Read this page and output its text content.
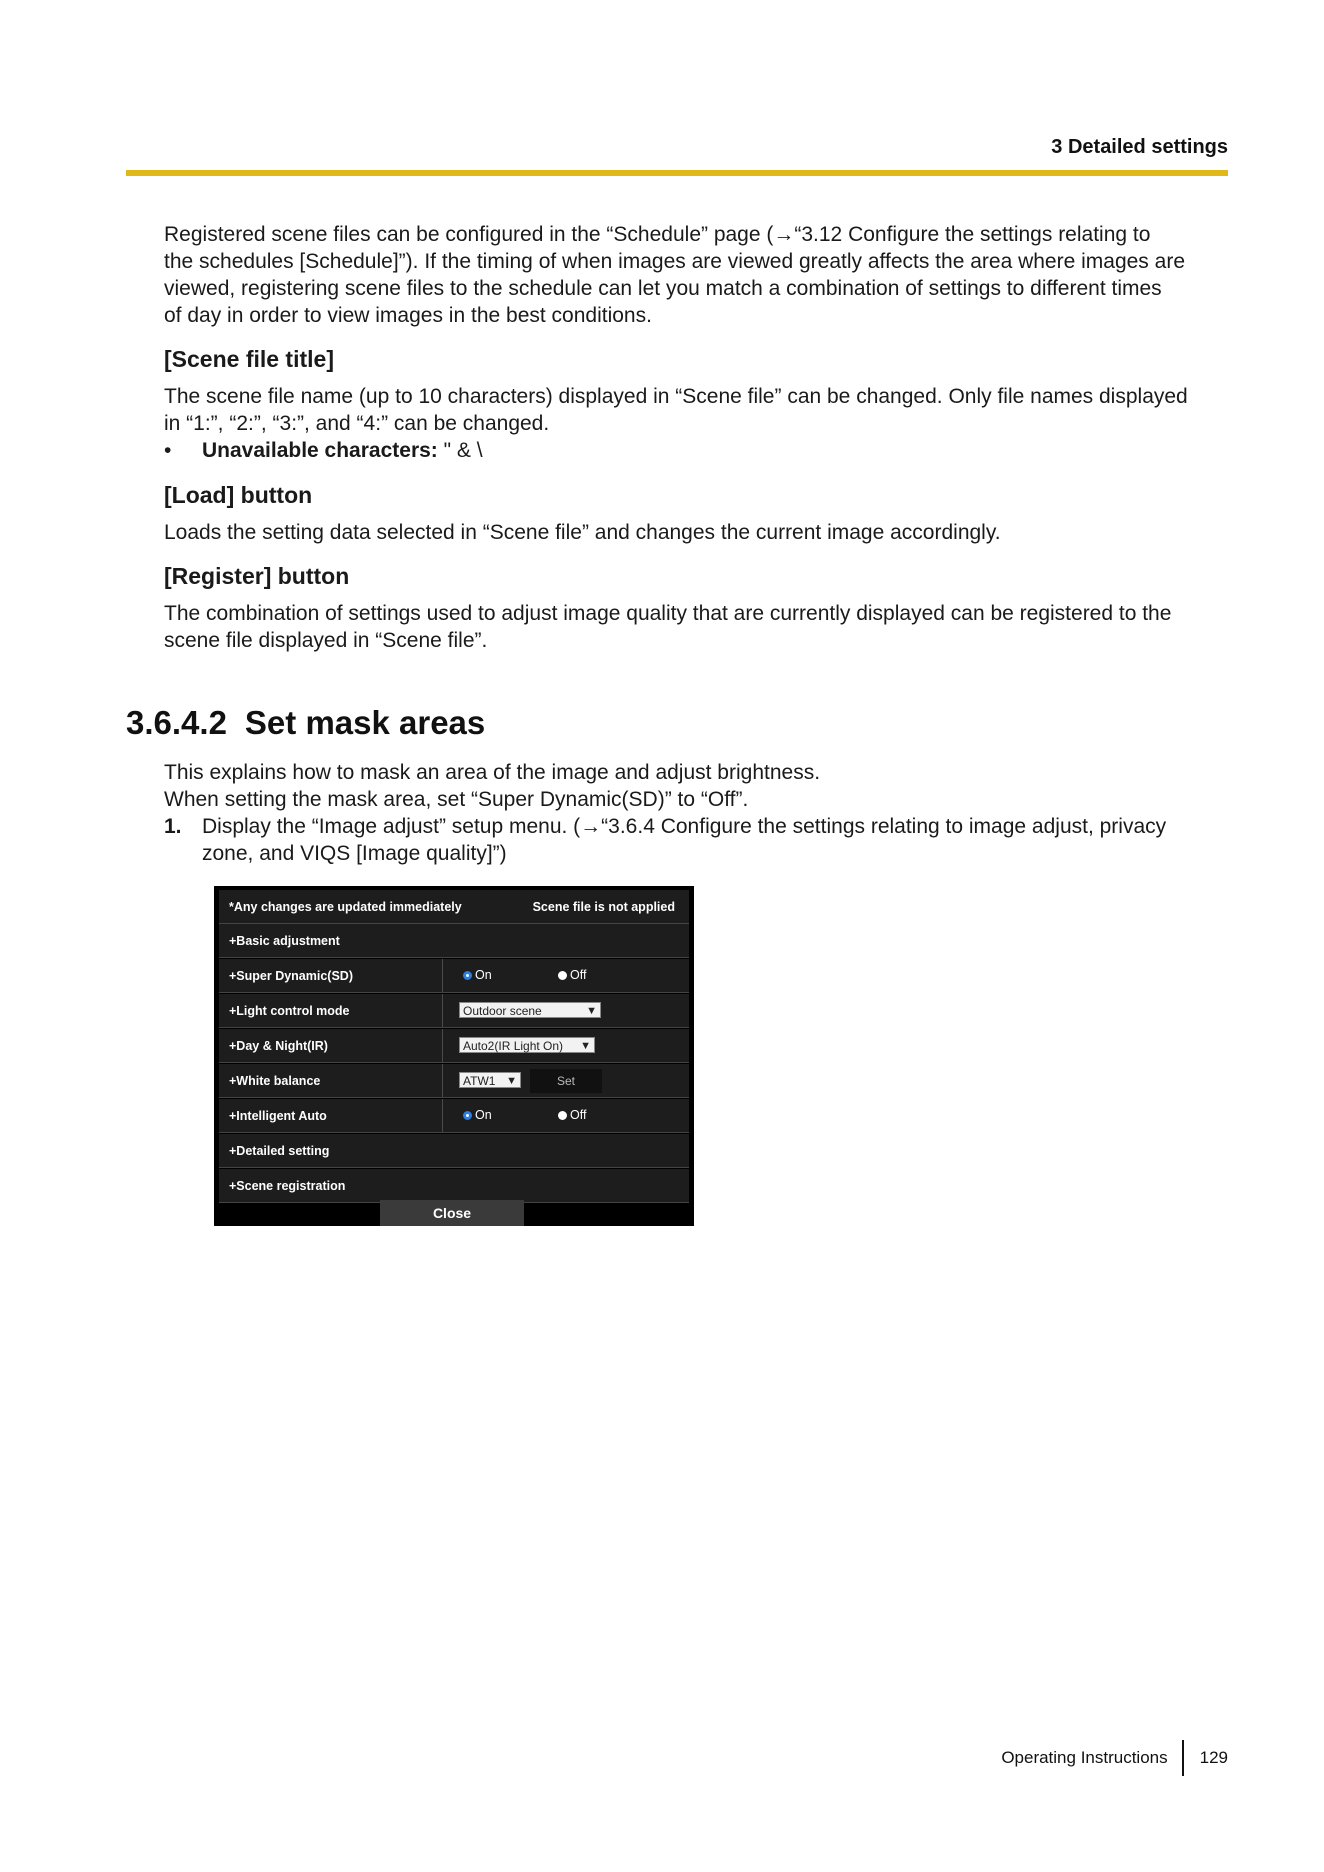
3 Detailed settings

Registered scene files can be configured in the “Schedule” page (→“3.12 Configure the settings relating to

the schedules [Schedule]”). If the timing of when images are viewed greatly affects the area where images are

viewed, registering scene files to the schedule can let you match a combination of settings to different times

of day in order to view images in the best conditions.

[Scene file title]

The scene file name (up to 10 characters) displayed in “Scene file” can be changed. Only file names displayed

in “1:”, “2:”, “3:”, and “4:” can be changed.

• Unavailable characters: " & \

[Load] button

Loads the setting data selected in “Scene file” and changes the current image accordingly.

[Register] button

The combination of settings used to adjust image quality that are currently displayed can be registered to the

scene file displayed in “Scene file”.

3.6.4.2 Set mask areas

This explains how to mask an area of the image and adjust brightness.

When setting the mask area, set “Super Dynamic(SD)” to “Off”.

1. Display the “Image adjust” setup menu. (→“3.6.4 Configure the settings relating to image adjust, privacy

zone, and VIQS [Image quality]”)

*Any changes are updated immediately	Scene file is not applied
+Basic adjustment
+Super Dynamic(SD)	On	Off
+Light control mode	Outdoor scene	▼
+Day & Night(IR)	Auto2(IR Light On) ▼
+White balance	ATW1 ▼	Set
+Intelligent Auto	On	Off
+Detailed setting
+Scene registration
Close
Operating Instructions 129
